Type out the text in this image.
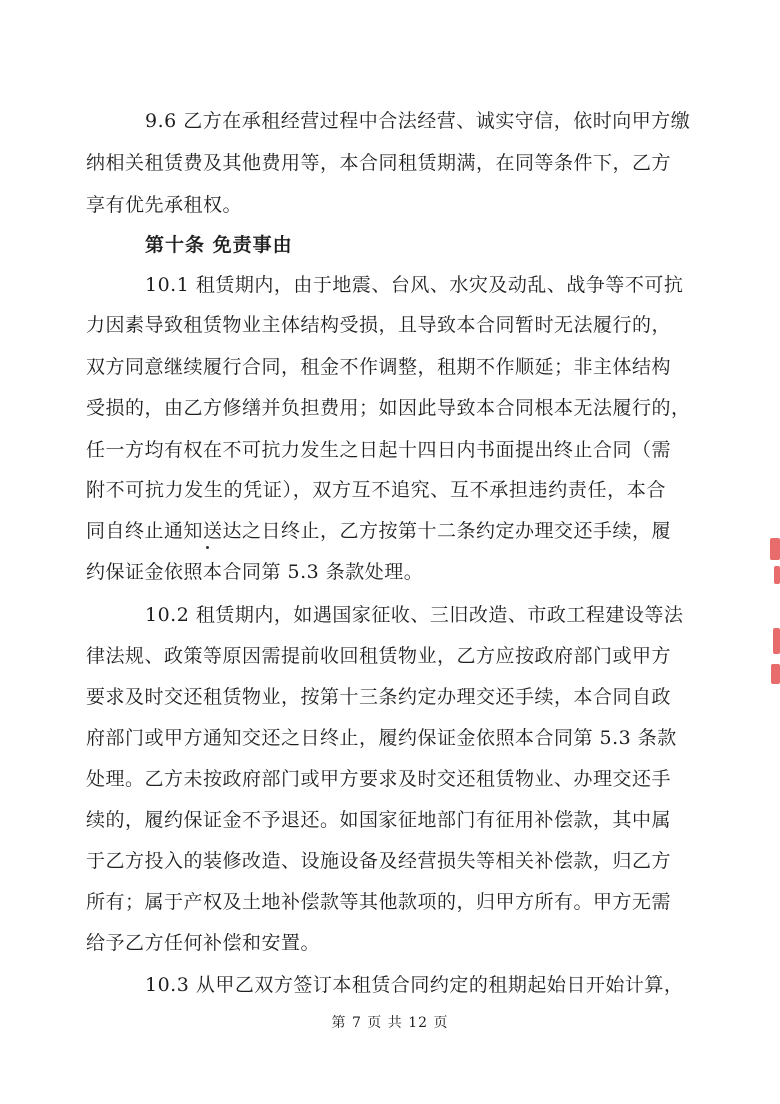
9.6 乙方在承租经营过程中合法经营、诚实守信，依时向甲方缴
纳相关租赁费及其他费用等，本合同租赁期满，在同等条件下，乙方
享有优先承租权。
第十条 免责事由
10.1 租赁期内，由于地震、台风、水灾及动乱、战争等不可抗
力因素导致租赁物业主体结构受损，且导致本合同暂时无法履行的，
双方同意继续履行合同，租金不作调整，租期不作顺延；非主体结构
受损的，由乙方修缮并负担费用；如因此导致本合同根本无法履行的，
任一方均有权在不可抗力发生之日起十四日内书面提出终止合同（需
附不可抗力发生的凭证），双方互不追究、互不承担违约责任，本合
同自终止通知送达之日终止，乙方按第十二条约定办理交还手续，履
约保证金依照本合同第 5.3 条款处理。
10.2 租赁期内，如遇国家征收、三旧改造、市政工程建设等法
律法规、政策等原因需提前收回租赁物业，乙方应按政府部门或甲方
要求及时交还租赁物业，按第十三条约定办理交还手续，本合同自政
府部门或甲方通知交还之日终止，履约保证金依照本合同第 5.3 条款
处理。乙方未按政府部门或甲方要求及时交还租赁物业、办理交还手
续的，履约保证金不予退还。如国家征地部门有征用补偿款，其中属
于乙方投入的装修改造、设施设备及经营损失等相关补偿款，归乙方
所有；属于产权及土地补偿款等其他款项的，归甲方所有。甲方无需
给予乙方任何补偿和安置。
10.3 从甲乙双方签订本租赁合同约定的租期起始日开始计算，
第 7 页 共 12 页
